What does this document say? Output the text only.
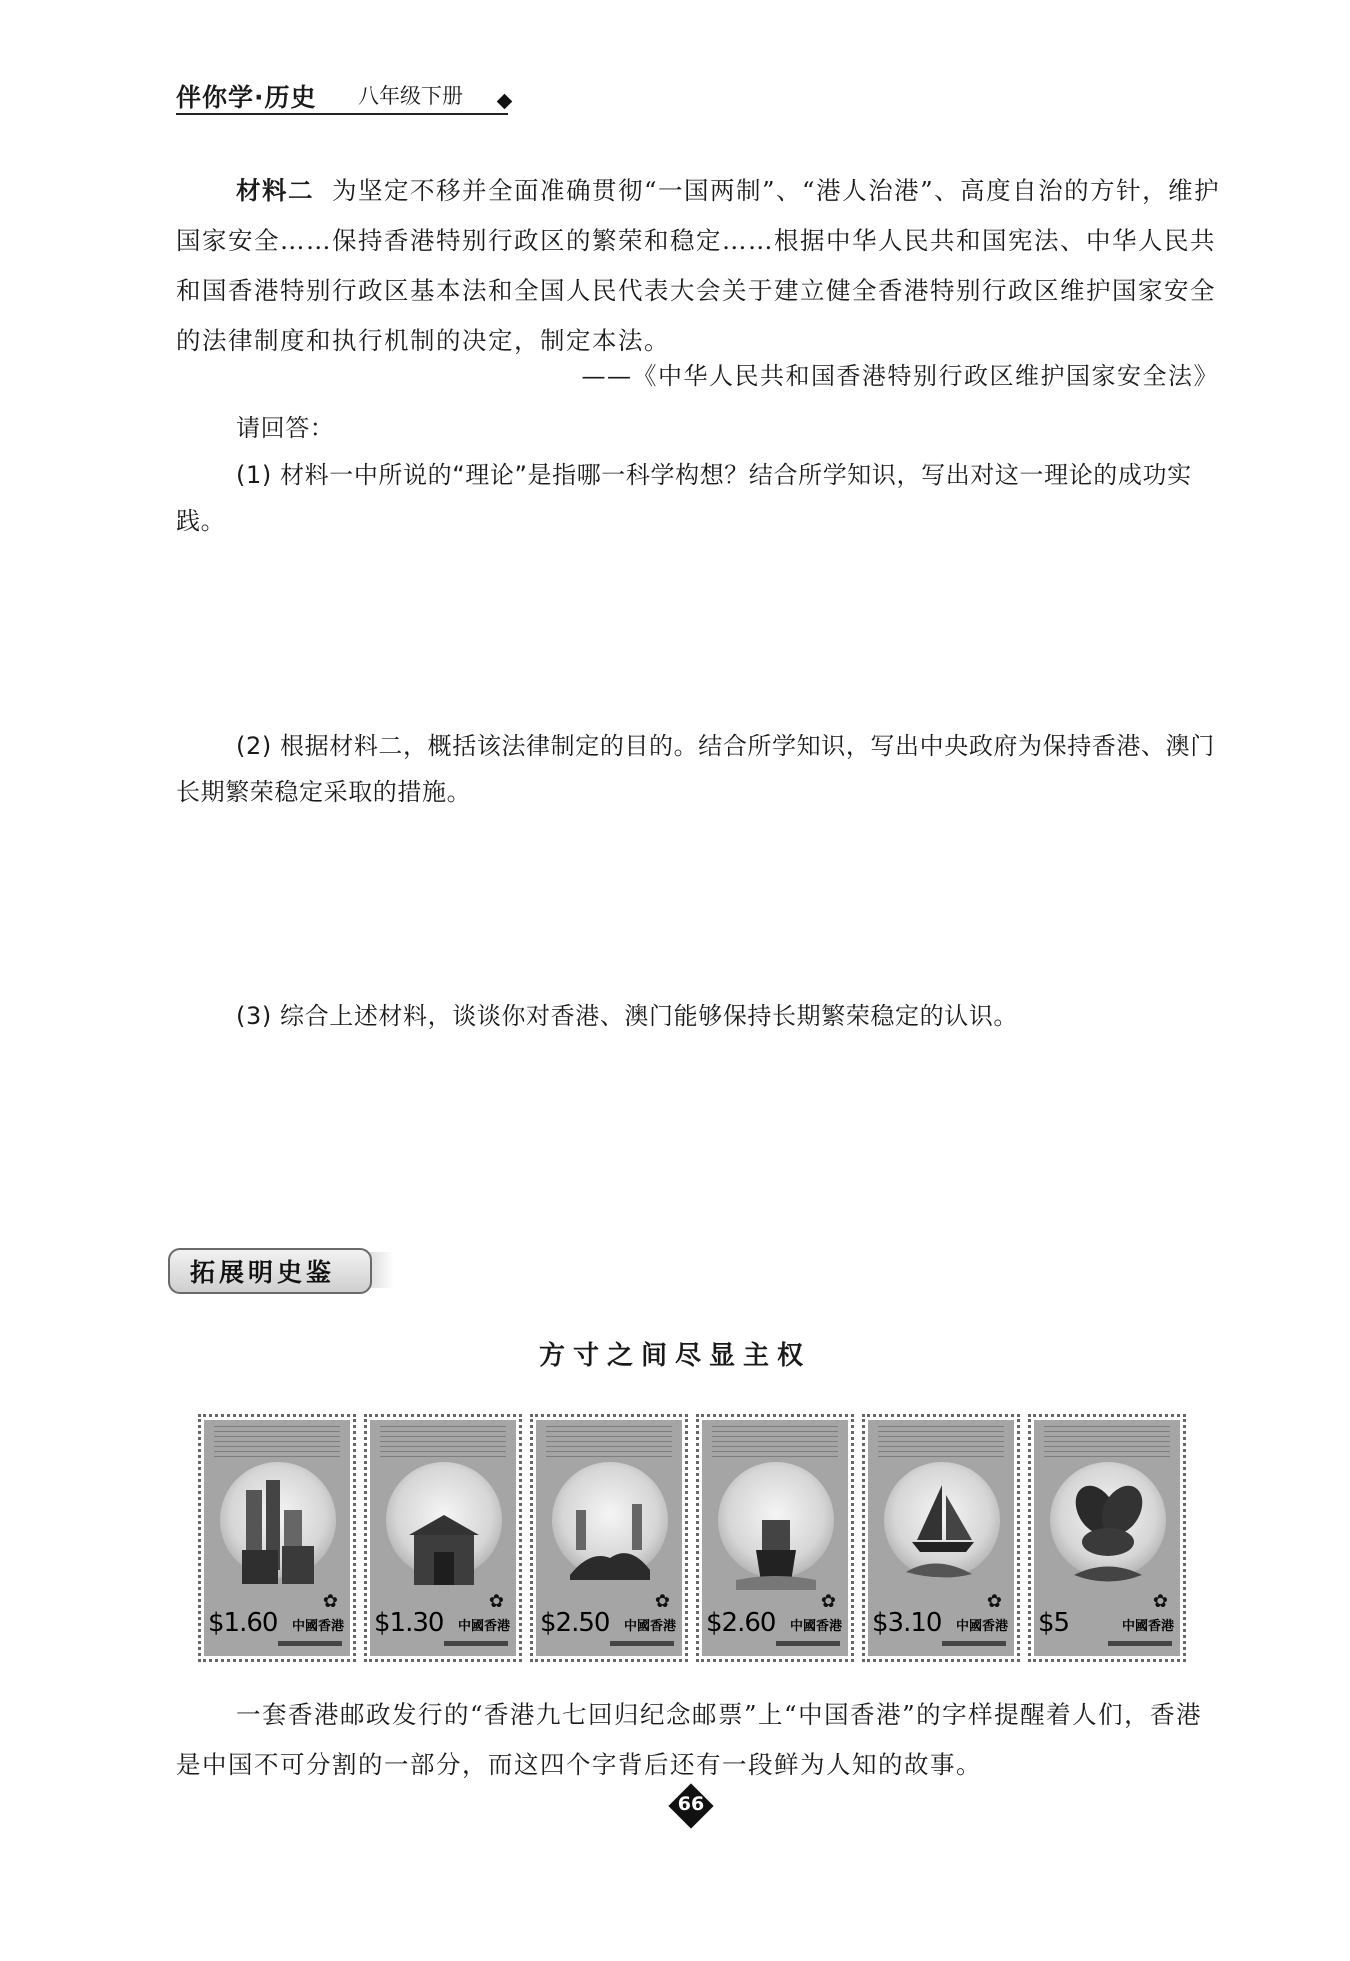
伴你学·历史 八年级下册
材料二 为坚定不移并全面准确贯彻“一国两制”、“港人治港”、高度自治的方针，维护国家安全……保持香港特别行政区的繁荣和稳定……根据中华人民共和国宪法、中华人民共和国香港特别行政区基本法和全国人民代表大会关于建立健全香港特别行政区维护国家安全的法律制度和执行机制的决定，制定本法。
——《中华人民共和国香港特别行政区维护国家安全法》
请回答：
(1) 材料一中所说的“理论”是指哪一科学构想？结合所学知识，写出对这一理论的成功实践。
(2) 根据材料二，概括该法律制定的目的。结合所学知识，写出中央政府为保持香港、澳门长期繁荣稳定采取的措施。
(3) 综合上述材料，谈谈你对香港、澳门能够保持长期繁荣稳定的认识。
拓展明史鉴
方寸之间尽显主权
✿
$1.60 中國香港
✿
$1.30 中國香港
✿
$2.50 中國香港
✿
$2.60 中國香港
✿
$3.10 中國香港
✿
$5	中國香港
一套香港邮政发行的“香港九七回归纪念邮票”上“中国香港”的字样提醒着人们，香港是中国不可分割的一部分，而这四个字背后还有一段鲜为人知的故事。
66
